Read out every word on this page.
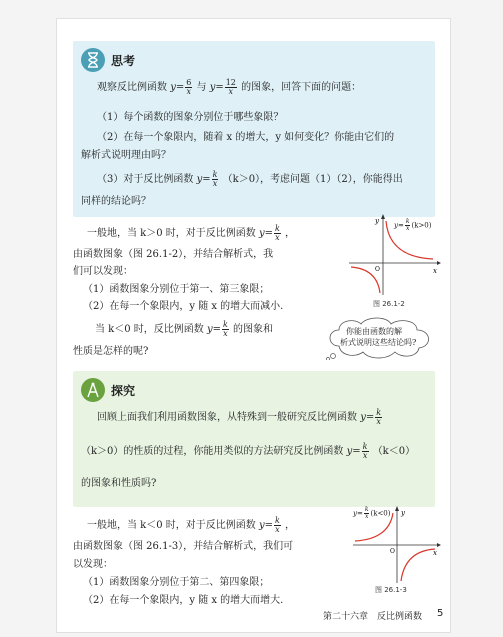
思考
观察反比例函数 $y= \frac{6}{x}$ 与 $y= \frac{12}{x}$ 的图象，回答下面的问题：
（1）每个函数的图象分别位于哪些象限？
（2）在每一个象限内，随着 x 的增大，y 如何变化？你能由它们的
解析式说明理由吗？
（3）对于反比例函数 $y= \frac{k}{x} (k>0)$，考虑问题（1）（2），你能得出
同样的结论吗？
一般地，当 k＞0 时，对于反比例函数 $y= \frac{k}{x}$ ，
由函数图象（图 26.1-2），并结合解析式，我
们可以发现：
（1）函数图象分别位于第一、第三象限；
（2）在每一个象限内，y 随 x 的增大而减小.
当 k＜0 时，反比例函数 $y= \frac{k}{x}$ 的图象和
性质是怎样的呢?
y
x
O
$y= \frac{k}{x} (k>0)$
图 26.1-2
你能由函数的解
析式说明这些结论吗?
探究
回顾上面我们利用函数图象，从特殊到一般研究反比例函数 $y= \frac{k}{x}$
（k＞0）的性质的过程，你能用类似的方法研究反比例函数 $y= \frac{k}{x} (k<0)$
的图象和性质吗?
一般地，当 k＜0 时，对于反比例函数 $y= \frac{k}{x}$ ，
由函数图象（图 26.1-3），并结合解析式，我们可
以发现：
（1）函数图象分别位于第二、第四象限；
（2）在每一个象限内，y 随 x 的增大而增大.
y
x
O
$y= \frac{k}{x} (k<0)$
图 26.1-3
第二十六章　反比例函数 5
